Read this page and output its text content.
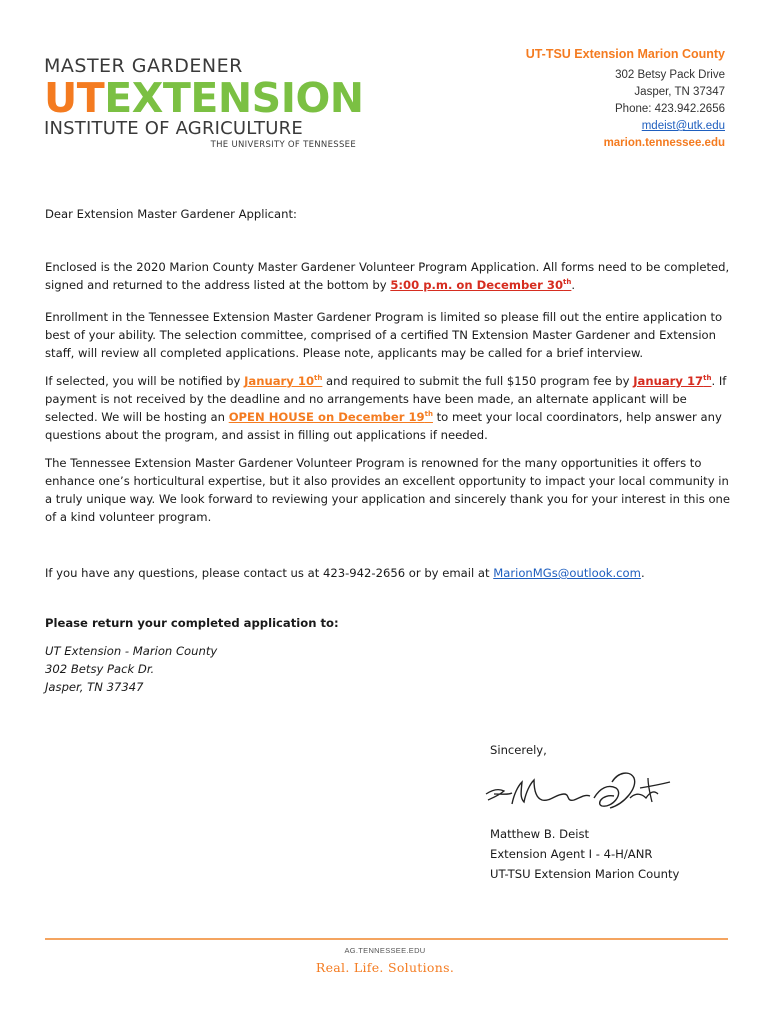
MASTER GARDENER
UTEXTENSION
INSTITUTE OF AGRICULTURE
THE UNIVERSITY OF TENNESSEE
UT-TSU Extension Marion County
302 Betsy Pack Drive
Jasper, TN 37347
Phone: 423.942.2656
mdeist@utk.edu
marion.tennessee.edu

Dear Extension Master Gardener Applicant:

Enclosed is the 2020 Marion County Master Gardener Volunteer Program Application. All forms need to be completed, signed and returned to the address listed at the bottom by 5:00 p.m. on December 30th.

Enrollment in the Tennessee Extension Master Gardener Program is limited so please fill out the entire application to best of your ability. The selection committee, comprised of a certified TN Extension Master Gardener and Extension staff, will review all completed applications. Please note, applicants may be called for a brief interview.

If selected, you will be notified by January 10th and required to submit the full $150 program fee by January 17th. If payment is not received by the deadline and no arrangements have been made, an alternate applicant will be selected. We will be hosting an OPEN HOUSE on December 19th to meet your local coordinators, help answer any questions about the program, and assist in filling out applications if needed.

The Tennessee Extension Master Gardener Volunteer Program is renowned for the many opportunities it offers to enhance one’s horticultural expertise, but it also provides an excellent opportunity to impact your local community in a truly unique way. We look forward to reviewing your application and sincerely thank you for your interest in this one of a kind volunteer program.

If you have any questions, please contact us at 423-942-2656 or by email at MarionMGs@outlook.com.

Please return your completed application to:

UT Extension - Marion County

302 Betsy Pack Dr.

Jasper, TN 37347

Sincerely,
Matthew B. Deist
Extension Agent I - 4-H/ANR
UT-TSU Extension Marion County
AG.TENNESSEE.EDU
Real. Life. Solutions.
